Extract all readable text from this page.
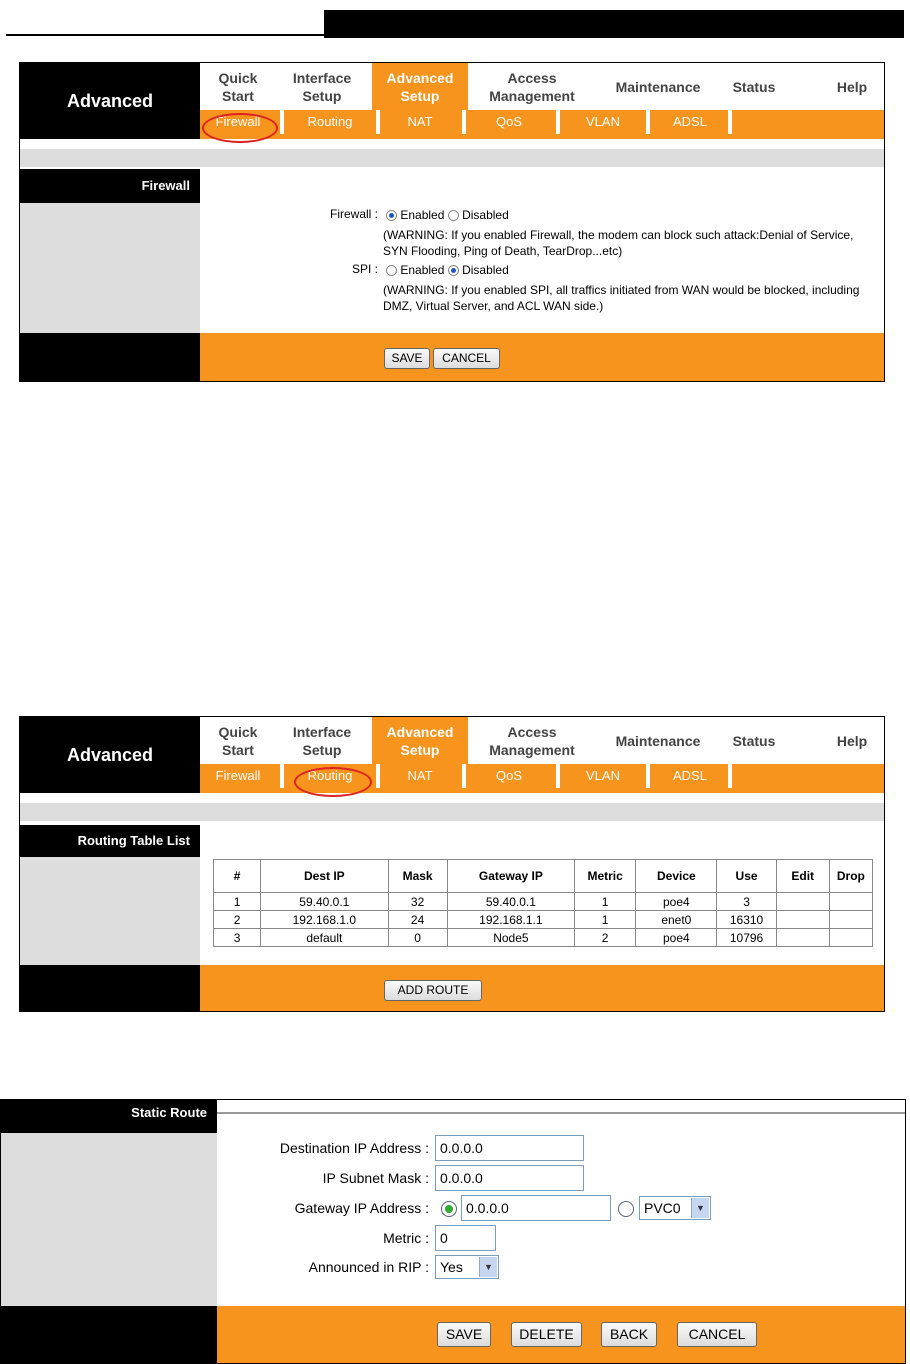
Advanced
Quick
Start
Interface
Setup
Advanced
Setup
Access
Management
Maintenance	Status	Help
Firewall	Routing	NAT	QoS	VLAN	ADSL
Firewall
Firewall :	Enabled Disabled
(WARNING: If you enabled Firewall, the modem can block such attack:Denial of Service, SYN Flooding, Ping of Death, TearDrop...etc)
SPI :	Enabled Disabled
(WARNING: If you enabled SPI, all traffics initiated from WAN would be blocked, including DMZ, Virtual Server, and ACL WAN side.)
SAVE	CANCEL
Advanced
Quick
Start
Interface
Setup
Advanced
Setup
Access
Management
Maintenance	Status	Help
Firewall	Routing	NAT	QoS	VLAN	ADSL
Routing Table List
#	Dest IP	Mask	Gateway IP	Metric	Device	Use	Edit	Drop
1	59.40.0.1	32	59.40.0.1	1	poe4	3		
2	192.168.1.0	24	192.168.1.1	1	enet0	16310		
3	default	0	Node5	2	poe4	10796		
ADD ROUTE
Static Route
Destination IP Address : 0.0.0.0
IP Subnet Mask : 0.0.0.0
Gateway IP Address :	0.0.0.0	PVC0	▼
Metric : 0
Announced in RIP : Yes	▼
SAVE	DELETE	BACK	CANCEL
